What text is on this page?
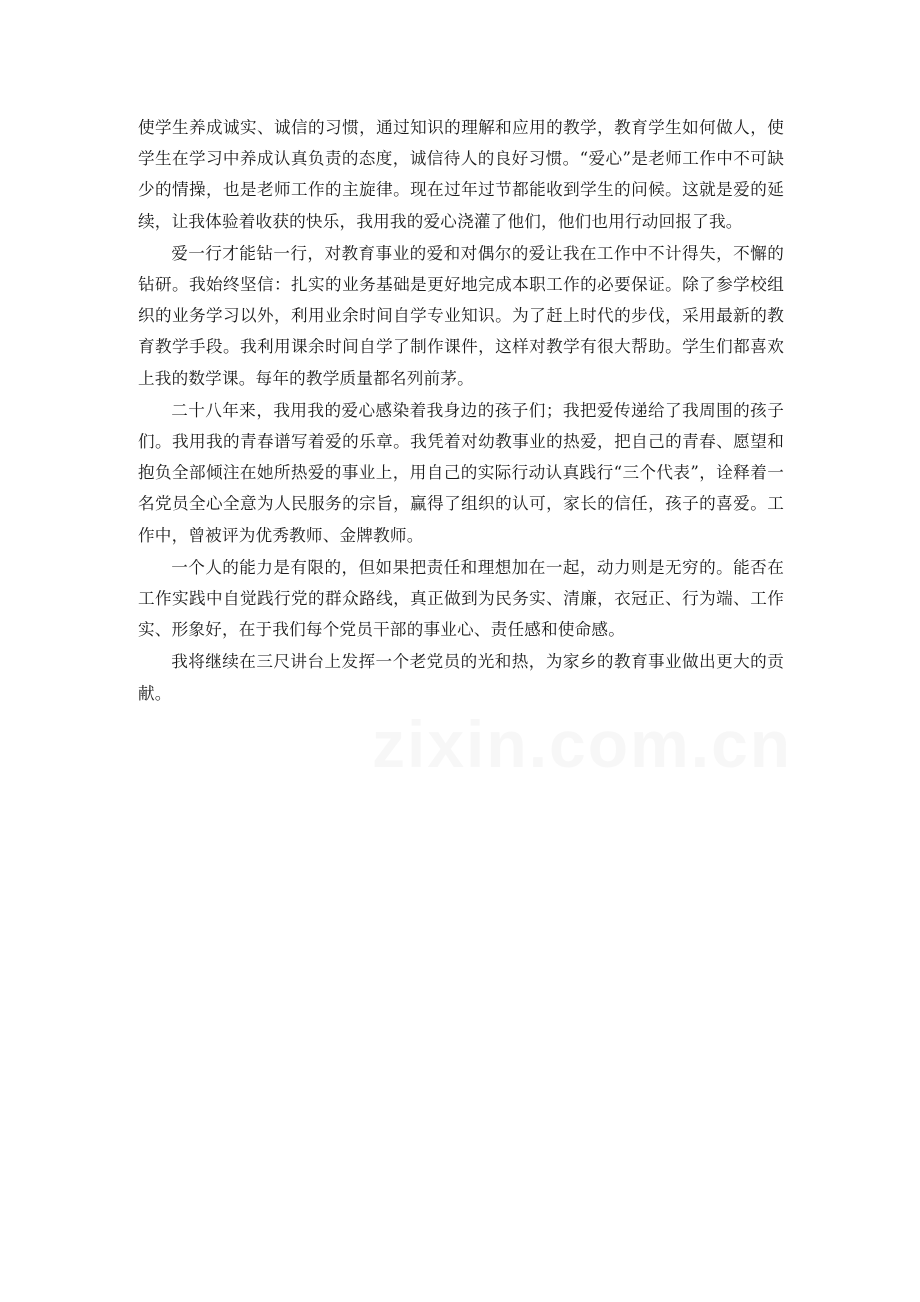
使学生养成诚实、诚信的习惯，通过知识的理解和应用的教学，教育学生如何做人，使学生在学习中养成认真负责的态度，诚信待人的良好习惯。“爱心”是老师工作中不可缺少的情操，也是老师工作的主旋律。现在过年过节都能收到学生的问候。这就是爱的延续，让我体验着收获的快乐，我用我的爱心浇灌了他们，他们也用行动回报了我。

爱一行才能钻一行，对教育事业的爱和对偶尔的爱让我在工作中不计得失，不懈的钻研。我始终坚信：扎实的业务基础是更好地完成本职工作的必要保证。除了参学校组织的业务学习以外，利用业余时间自学专业知识。为了赶上时代的步伐，采用最新的教育教学手段。我利用课余时间自学了制作课件，这样对教学有很大帮助。学生们都喜欢上我的数学课。每年的教学质量都名列前茅。

二十八年来，我用我的爱心感染着我身边的孩子们；我把爱传递给了我周围的孩子们。我用我的青春谱写着爱的乐章。我凭着对幼教事业的热爱，把自己的青春、愿望和抱负全部倾注在她所热爱的事业上，用自己的实际行动认真践行“三个代表”，诠释着一名党员全心全意为人民服务的宗旨，赢得了组织的认可，家长的信任，孩子的喜爱。工作中，曾被评为优秀教师、金牌教师。

一个人的能力是有限的，但如果把责任和理想加在一起，动力则是无穷的。能否在工作实践中自觉践行党的群众路线，真正做到为民务实、清廉，衣冠正、行为端、工作实、形象好，在于我们每个党员干部的事业心、责任感和使命感。

我将继续在三尺讲台上发挥一个老党员的光和热，为家乡的教育事业做出更大的贡献。

zixin.com.cn
